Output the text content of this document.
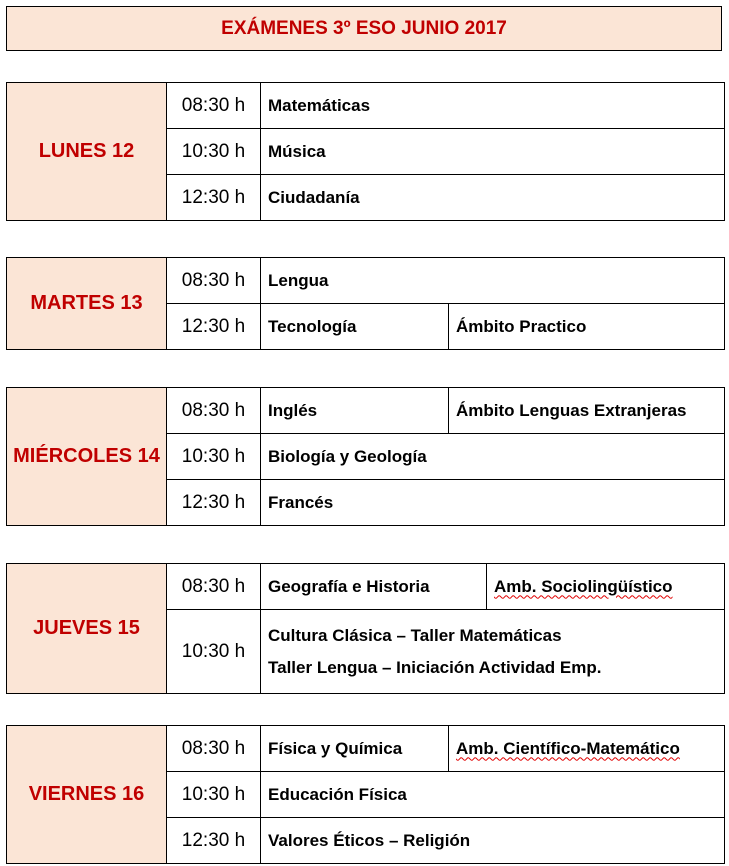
EXÁMENES 3º ESO JUNIO 2017
LUNES 12	08:30 h	Matemáticas
	10:30 h	Música
	12:30 h	Ciudadanía
MARTES 13	08:30 h	Lengua	
	12:30 h	Tecnología	Ámbito Practico
MIÉRCOLES 14	08:30 h	Inglés	Ámbito Lenguas Extranjeras
	10:30 h	Biología y Geología	
	12:30 h	Francés	
JUEVES 15	08:30 h	Geografía e Historia	Amb. Sociolingüístico
	10:30 h	Cultura Clásica – Taller Matemáticas
Taller Lengua – Iniciación Actividad Emp.	
VIERNES 16	08:30 h	Física y Química	Amb. Científico-Matemático
	10:30 h	Educación Física	
	12:30 h	Valores Éticos – Religión	
